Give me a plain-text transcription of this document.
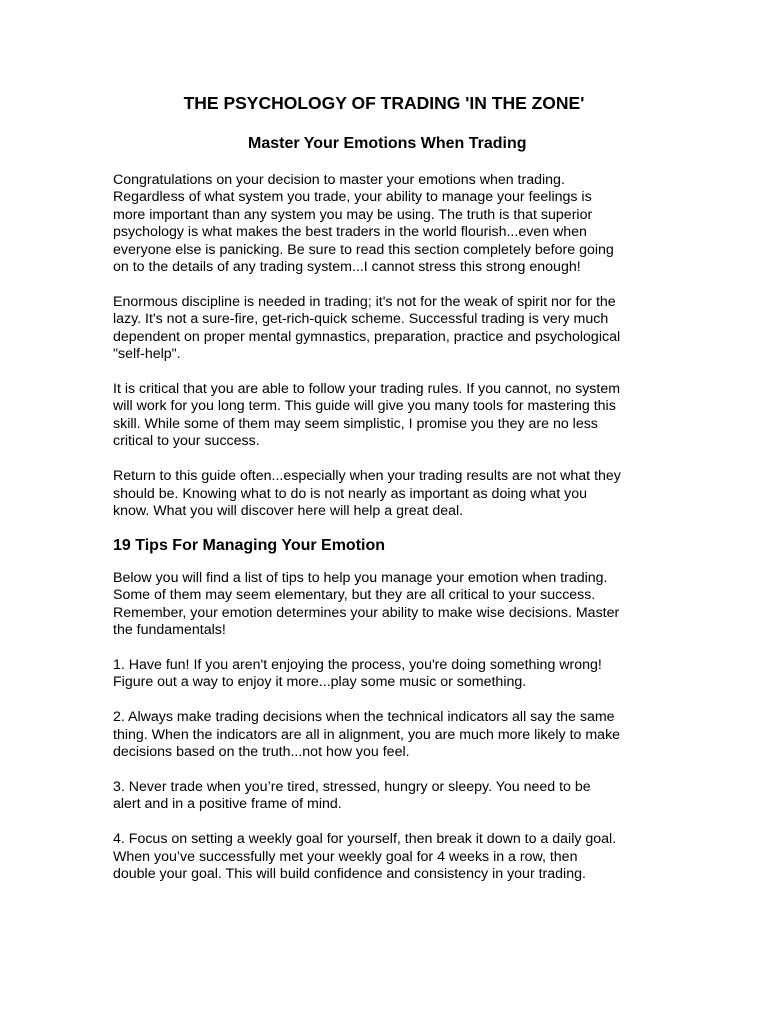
THE PSYCHOLOGY OF TRADING 'IN THE ZONE'
Master Your Emotions When Trading
Congratulations on your decision to master your emotions when trading.
Regardless of what system you trade, your ability to manage your feelings is
more important than any system you may be using. The truth is that superior
psychology is what makes the best traders in the world flourish...even when
everyone else is panicking. Be sure to read this section completely before going
on to the details of any trading system...I cannot stress this strong enough!
Enormous discipline is needed in trading; it's not for the weak of spirit nor for the
lazy. It's not a sure-fire, get-rich-quick scheme. Successful trading is very much
dependent on proper mental gymnastics, preparation, practice and psychological
"self-help".
It is critical that you are able to follow your trading rules. If you cannot, no system
will work for you long term. This guide will give you many tools for mastering this
skill. While some of them may seem simplistic, I promise you they are no less
critical to your success.
Return to this guide often...especially when your trading results are not what they
should be. Knowing what to do is not nearly as important as doing what you
know. What you will discover here will help a great deal.
19 Tips For Managing Your Emotion
Below you will find a list of tips to help you manage your emotion when trading.
Some of them may seem elementary, but they are all critical to your success.
Remember, your emotion determines your ability to make wise decisions. Master
the fundamentals!
1. Have fun! If you aren't enjoying the process, you're doing something wrong!
Figure out a way to enjoy it more...play some music or something.
2. Always make trading decisions when the technical indicators all say the same
thing. When the indicators are all in alignment, you are much more likely to make
decisions based on the truth...not how you feel.
3. Never trade when you’re tired, stressed, hungry or sleepy. You need to be
alert and in a positive frame of mind.
4. Focus on setting a weekly goal for yourself, then break it down to a daily goal.
When you’ve successfully met your weekly goal for 4 weeks in a row, then
double your goal. This will build confidence and consistency in your trading.
